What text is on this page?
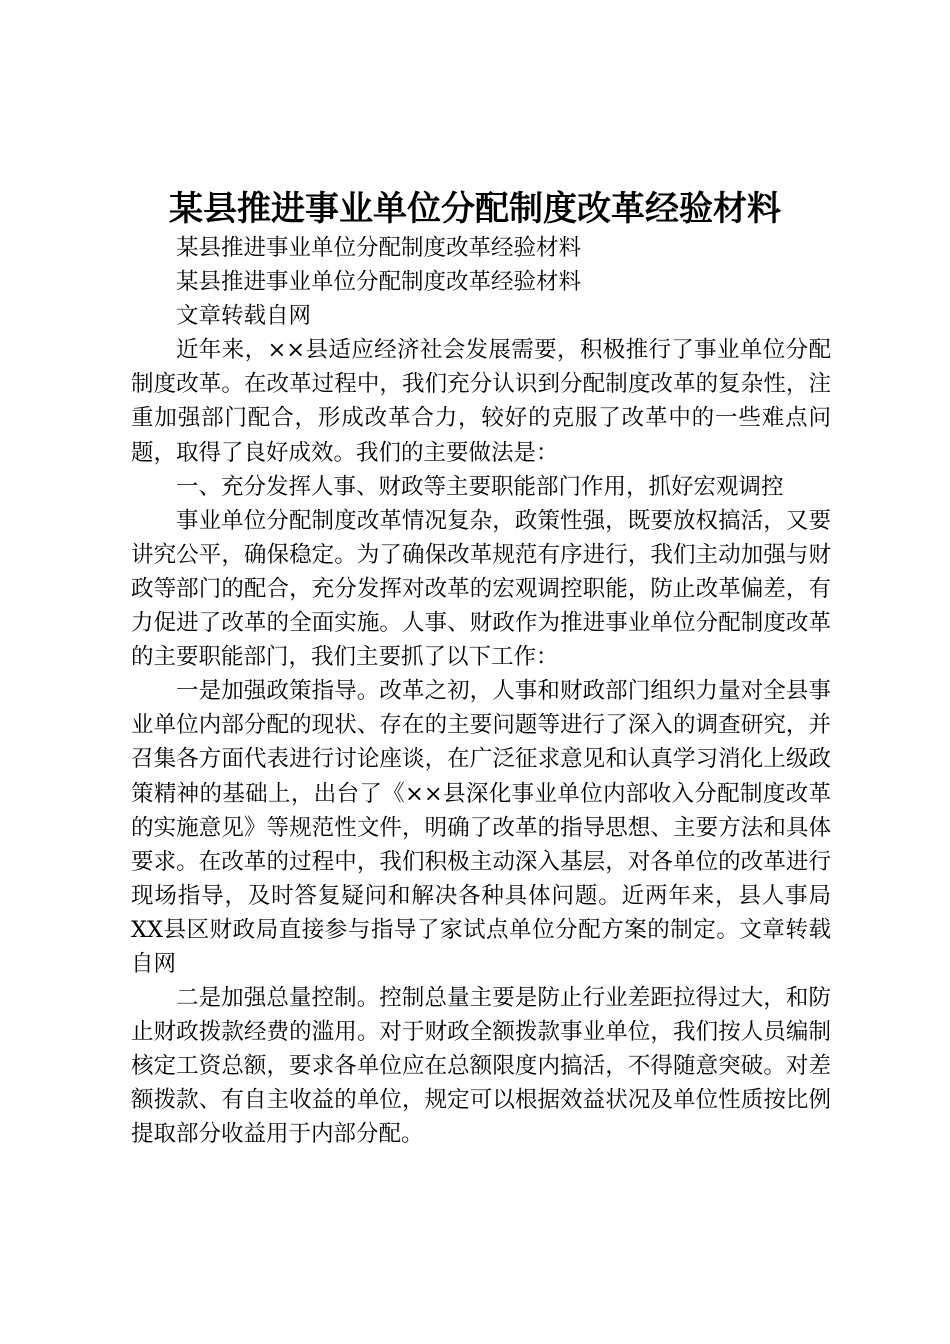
某县推进事业单位分配制度改革经验材料

某县推进事业单位分配制度改革经验材料

某县推进事业单位分配制度改革经验材料

文章转载自网

近年来，××县适应经济社会发展需要，积极推行了事业单位分配制度改革。在改革过程中，我们充分认识到分配制度改革的复杂性，注重加强部门配合，形成改革合力，较好的克服了改革中的一些难点问题，取得了良好成效。我们的主要做法是：

一、充分发挥人事、财政等主要职能部门作用，抓好宏观调控

事业单位分配制度改革情况复杂，政策性强，既要放权搞活，又要讲究公平，确保稳定。为了确保改革规范有序进行，我们主动加强与财政等部门的配合，充分发挥对改革的宏观调控职能，防止改革偏差，有力促进了改革的全面实施。人事、财政作为推进事业单位分配制度改革的主要职能部门，我们主要抓了以下工作：

一是加强政策指导。改革之初，人事和财政部门组织力量对全县事业单位内部分配的现状、存在的主要问题等进行了深入的调查研究，并召集各方面代表进行讨论座谈，在广泛征求意见和认真学习消化上级政策精神的基础上，出台了《××县深化事业单位内部收入分配制度改革的实施意见》等规范性文件，明确了改革的指导思想、主要方法和具体要求。在改革的过程中，我们积极主动深入基层，对各单位的改革进行现场指导，及时答复疑问和解决各种具体问题。近两年来，县人事局XX县区财政局直接参与指导了家试点单位分配方案的制定。文章转载自网

二是加强总量控制。控制总量主要是防止行业差距拉得过大，和防止财政拨款经费的滥用。对于财政全额拨款事业单位，我们按人员编制核定工资总额，要求各单位应在总额限度内搞活，不得随意突破。对差额拨款、有自主收益的单位，规定可以根据效益状况及单位性质按比例提取部分收益用于内部分配。
